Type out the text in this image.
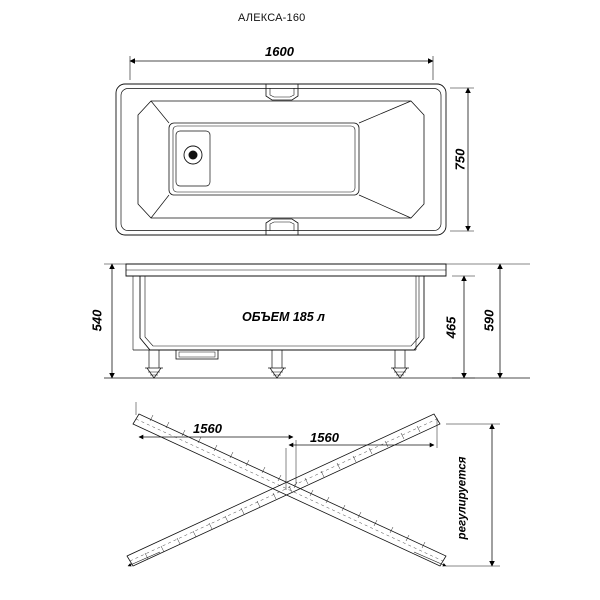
АЛЕКСА-160
1600
750
540	465 590
ОБЪЕМ 185 л
1560
1560
регулируется
